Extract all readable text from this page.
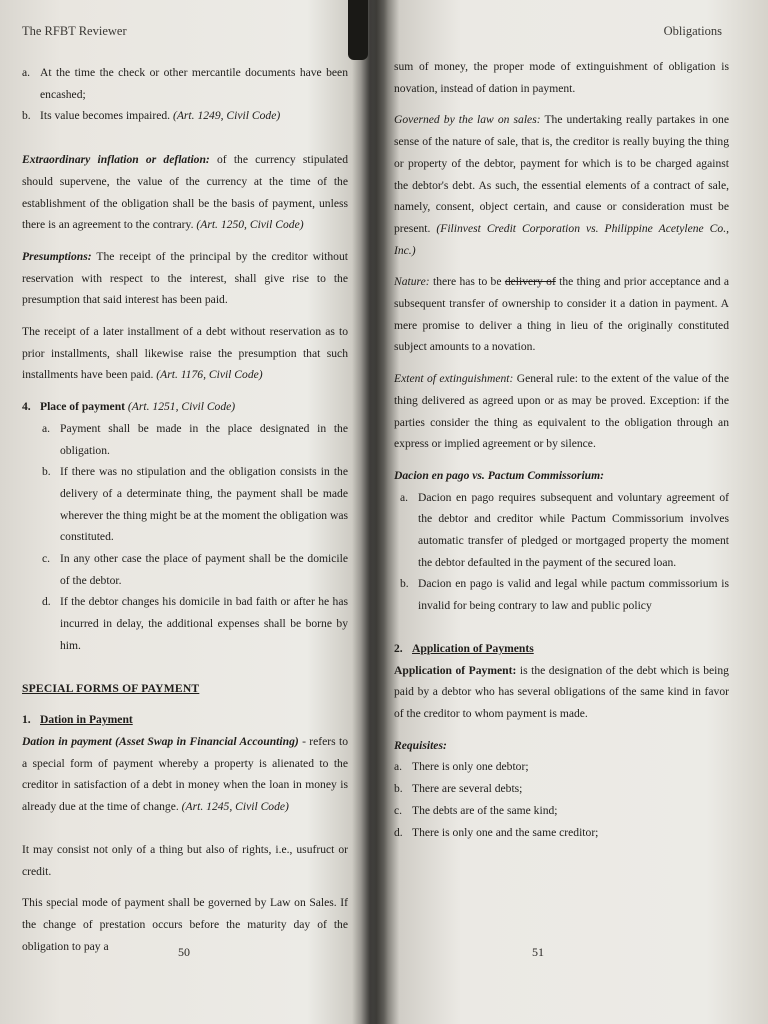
The RFBT Reviewer
a. At the time the check or other mercantile documents have been encashed;
b. Its value becomes impaired. (Art. 1249, Civil Code)

Extraordinary inflation or deflation: of the currency stipulated should supervene, the value of the currency at the time of the establishment of the obligation shall be the basis of payment, unless there is an agreement to the contrary. (Art. 1250, Civil Code)

Presumptions: The receipt of the principal by the creditor without reservation with respect to the interest, shall give rise to the presumption that said interest has been paid.

The receipt of a later installment of a debt without reservation as to prior installments, shall likewise raise the presumption that such installments have been paid. (Art. 1176, Civil Code)

4. Place of payment (Art. 1251, Civil Code)
a. Payment shall be made in the place designated in the obligation.
b. If there was no stipulation and the obligation consists in the delivery of a determinate thing, the payment shall be made wherever the thing might be at the moment the obligation was constituted.
c. In any other case the place of payment shall be the domicile of the debtor.
d. If the debtor changes his domicile in bad faith or after he has incurred in delay, the additional expenses shall be borne by him.

SPECIAL FORMS OF PAYMENT

1. Dation in Payment

Dation in payment (Asset Swap in Financial Accounting) - refers to a special form of payment whereby a property is alienated to the creditor in satisfaction of a debt in money when the loan in money is already due at the time of change. (Art. 1245, Civil Code)

It may consist not only of a thing but also of rights, i.e., usufruct or credit.

This special mode of payment shall be governed by Law on Sales. If the change of prestation occurs before the maturity day of the obligation to pay a	50
Obligations

sum of money, the proper mode of extinguishment of obligation is novation, instead of dation in payment.

Governed by the law on sales: The undertaking really partakes in one sense of the nature of sale, that is, the creditor is really buying the thing or property of the debtor, payment for which is to be charged against the debtor's debt. As such, the essential elements of a contract of sale, namely, consent, object certain, and cause or consideration must be present. (Filinvest Credit Corporation vs. Philippine Acetylene Co., Inc.)

Nature: there has to be delivery of the thing and prior acceptance and a subsequent transfer of ownership to consider it a dation in payment. A mere promise to deliver a thing in lieu of the originally constituted subject amounts to a novation.

Extent of extinguishment: General rule: to the extent of the value of the thing delivered as agreed upon or as may be proved. Exception: if the parties consider the thing as equivalent to the obligation through an express or implied agreement or by silence.

Dacion en pago vs. Pactum Commissorium:

a. Dacion en pago requires subsequent and voluntary agreement of the debtor and creditor while Pactum Commissorium involves automatic transfer of pledged or mortgaged property the moment the debtor defaulted in the payment of the secured loan.
b. Dacion en pago is valid and legal while pactum commissorium is invalid for being contrary to law and public policy
2. Application of Payments

Application of Payment: is the designation of the debt which is being paid by a debtor who has several obligations of the same kind in favor of the creditor to whom payment is made.

Requisites:

a. There is only one debtor;
b. There are several debts;
c. The debts are of the same kind;
d. There is only one and the same creditor;
51
